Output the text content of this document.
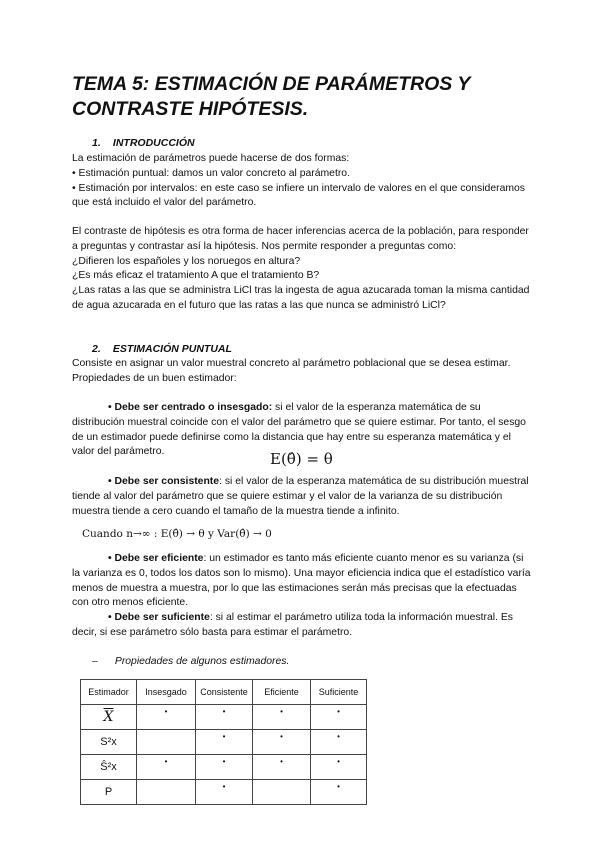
TEMA 5: ESTIMACIÓN DE PARÁMETROS Y
CONTRASTE HIPÓTESIS.
1. INTRODUCCIÓN

La estimación de parámetros puede hacerse de dos formas:

• Estimación puntual: damos un valor concreto al parámetro.

• Estimación por intervalos: en este caso se infiere un intervalo de valores en el que consideramos que está incluido el valor del parámetro.

El contraste de hipótesis es otra forma de hacer inferencias acerca de la población, para responder a preguntas y contrastar así la hipótesis. Nos permite responder a preguntas como:

¿Difieren los españoles y los noruegos en altura?

¿Es más eficaz el tratamiento A que el tratamiento B?

¿Las ratas a las que se administra LiCl tras la ingesta de agua azucarada toman la misma cantidad de agua azucarada en el futuro que las ratas a las que nunca se administró LiCl?

2. ESTIMACIÓN PUNTUAL

Consiste en asignar un valor muestral concreto al parámetro poblacional que se desea estimar.

Propiedades de un buen estimador:

• Debe ser centrado o insesgado: si el valor de la esperanza matemática de su distribución muestral coincide con el valor del parámetro que se quiere estimar. Por tanto, el sesgo de un estimador puede definirse como la distancia que hay entre su esperanza matemática y el valor del parámetro.	E(θ̂) = θ

• Debe ser consistente: si el valor de la esperanza matemática de su distribución muestral tiende al valor del parámetro que se quiere estimar y el valor de la varianza de su distribución muestra tiende a cero cuando el tamaño de la muestra tiende a infinito.

Cuando n→∞ : E(θ̂) → θ y Var(θ̂) → 0

• Debe ser eficiente: un estimador es tanto más eficiente cuanto menor es su varianza (si la varianza es 0, todos los datos son lo mismo). Una mayor eficiencia indica que el estadístico varía menos de muestra a muestra, por lo que las estimaciones serán más precisas que la efectuadas con otro menos eficiente.

• Debe ser suficiente: si al estimar el parámetro utiliza toda la información muestral. Es decir, si ese parámetro sólo basta para estimar el parámetro.

– Propiedades de algunos estimadores.
Estimador	Insesgado	Consistente	Eficiente	Suficiente
$\overline{X}$	•	•	•	•
S²x		•	•	•
Ŝ²x	•	•	•	•
P		•		•
